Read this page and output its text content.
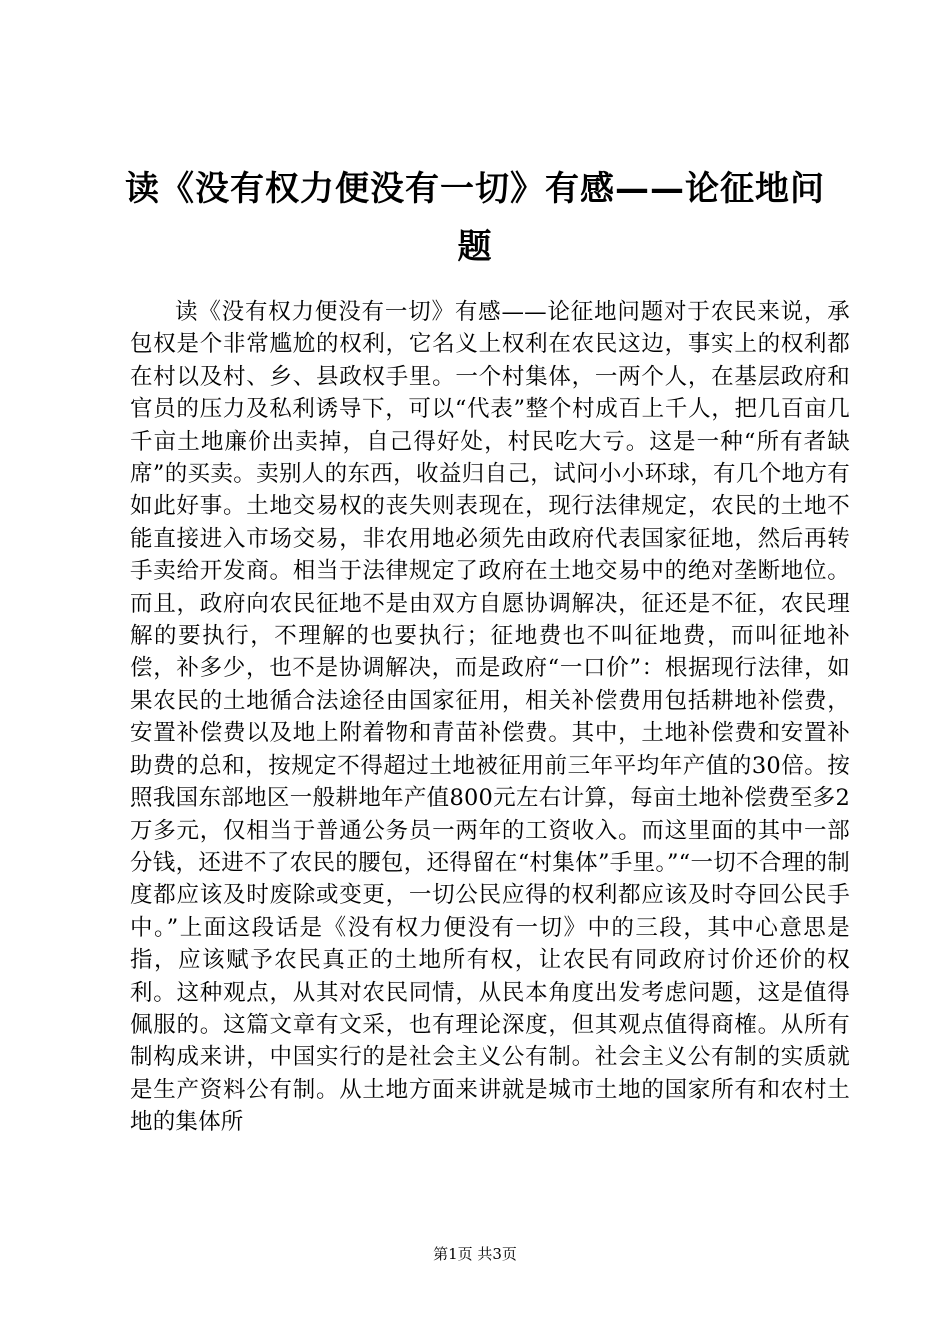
读《没有权力便没有一切》有感——论征地问题

读《没有权力便没有一切》有感——论征地问题对于农民来说，承包权是个非常尴尬的权利，它名义上权利在农民这边，事实上的权利都在村以及村、乡、县政权手里。一个村集体，一两个人，在基层政府和官员的压力及私利诱导下，可以“代表”整个村成百上千人，把几百亩几千亩土地廉价出卖掉，自己得好处，村民吃大亏。这是一种“所有者缺席”的买卖。卖别人的东西，收益归自己，试问小小环球，有几个地方有如此好事。土地交易权的丧失则表现在，现行法律规定，农民的土地不能直接进入市场交易，非农用地必须先由政府代表国家征地，然后再转手卖给开发商。相当于法律规定了政府在土地交易中的绝对垄断地位。而且，政府向农民征地不是由双方自愿协调解决，征还是不征，农民理解的要执行，不理解的也要执行；征地费也不叫征地费，而叫征地补偿，补多少，也不是协调解决，而是政府“一口价”：根据现行法律，如果农民的土地循合法途径由国家征用，相关补偿费用包括耕地补偿费，安置补偿费以及地上附着物和青苗补偿费。其中，土地补偿费和安置补助费的总和，按规定不得超过土地被征用前三年平均年产值的30倍。按照我国东部地区一般耕地年产值800元左右计算，每亩土地补偿费至多2万多元，仅相当于普通公务员一两年的工资收入。而这里面的其中一部分钱，还进不了农民的腰包，还得留在“村集体”手里。”“一切不合理的制度都应该及时废除或变更，一切公民应得的权利都应该及时夺回公民手中。”上面这段话是《没有权力便没有一切》中的三段，其中心意思是指，应该赋予农民真正的土地所有权，让农民有同政府讨价还价的权利。这种观点，从其对农民同情，从民本角度出发考虑问题，这是值得佩服的。这篇文章有文采，也有理论深度，但其观点值得商榷。从所有制构成来讲，中国实行的是社会主义公有制。社会主义公有制的实质就是生产资料公有制。从土地方面来讲就是城市土地的国家所有和农村土地的集体所

第1页 共3页
